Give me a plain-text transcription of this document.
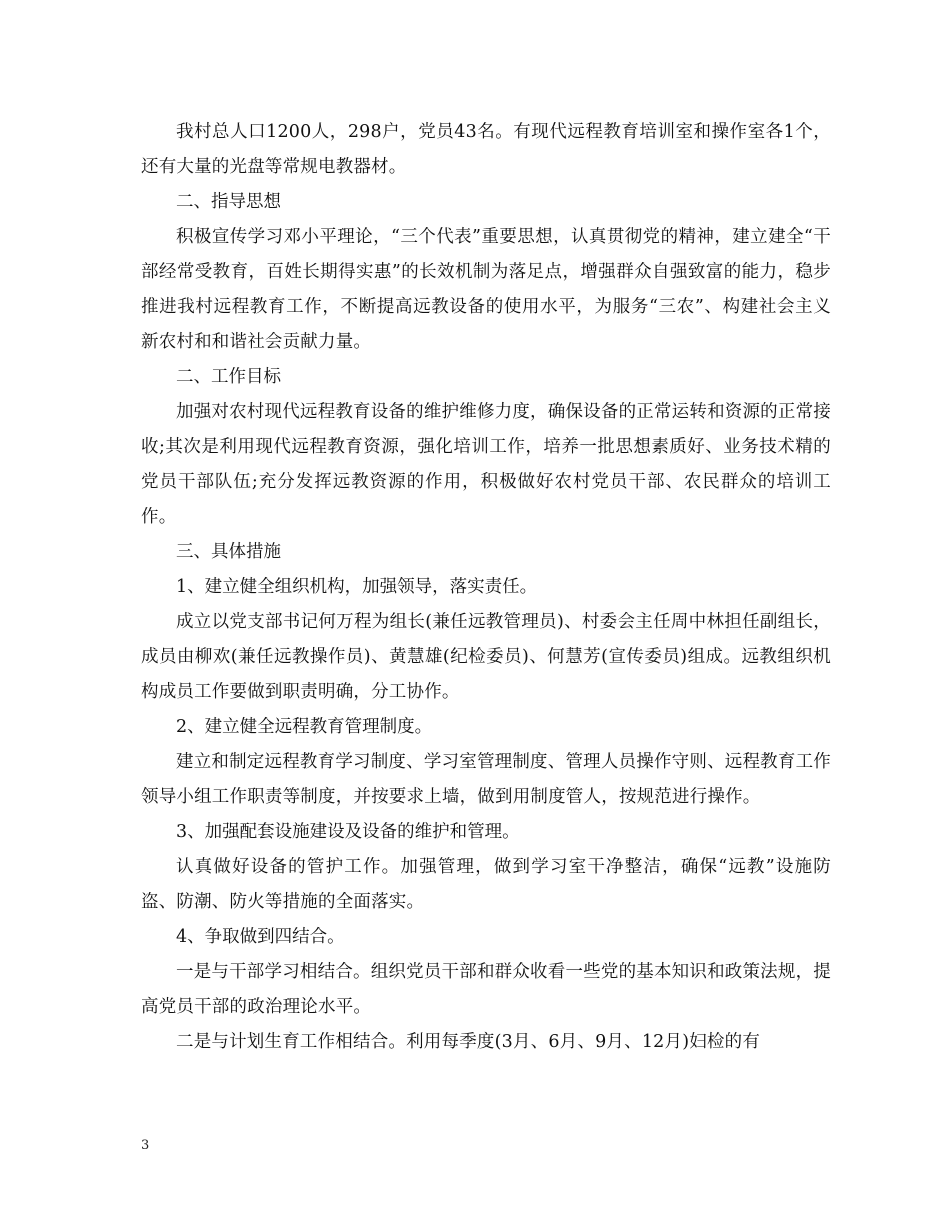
我村总人口1200人，298户，党员43名。有现代远程教育培训室和操作室各1个，还有大量的光盘等常规电教器材。

二、指导思想

积极宣传学习邓小平理论，“三个代表”重要思想，认真贯彻党的精神，建立建全“干部经常受教育，百姓长期得实惠”的长效机制为落足点，增强群众自强致富的能力，稳步推进我村远程教育工作，不断提高远教设备的使用水平，为服务“三农”、构建社会主义新农村和和谐社会贡献力量。

二、工作目标

加强对农村现代远程教育设备的维护维修力度，确保设备的正常运转和资源的正常接收;其次是利用现代远程教育资源，强化培训工作，培养一批思想素质好、业务技术精的党员干部队伍;充分发挥远教资源的作用，积极做好农村党员干部、农民群众的培训工作。

三、具体措施

1、建立健全组织机构，加强领导，落实责任。

成立以党支部书记何万程为组长(兼任远教管理员)、村委会主任周中林担任副组长，成员由柳欢(兼任远教操作员)、黄慧雄(纪检委员)、何慧芳(宣传委员)组成。远教组织机构成员工作要做到职责明确，分工协作。

2、建立健全远程教育管理制度。

建立和制定远程教育学习制度、学习室管理制度、管理人员操作守则、远程教育工作领导小组工作职责等制度，并按要求上墙，做到用制度管人，按规范进行操作。

3、加强配套设施建设及设备的维护和管理。

认真做好设备的管护工作。加强管理，做到学习室干净整洁，确保“远教”设施防盗、防潮、防火等措施的全面落实。

4、争取做到四结合。

一是与干部学习相结合。组织党员干部和群众收看一些党的基本知识和政策法规，提高党员干部的政治理论水平。

二是与计划生育工作相结合。利用每季度(3月、6月、9月、12月)妇检的有

3
